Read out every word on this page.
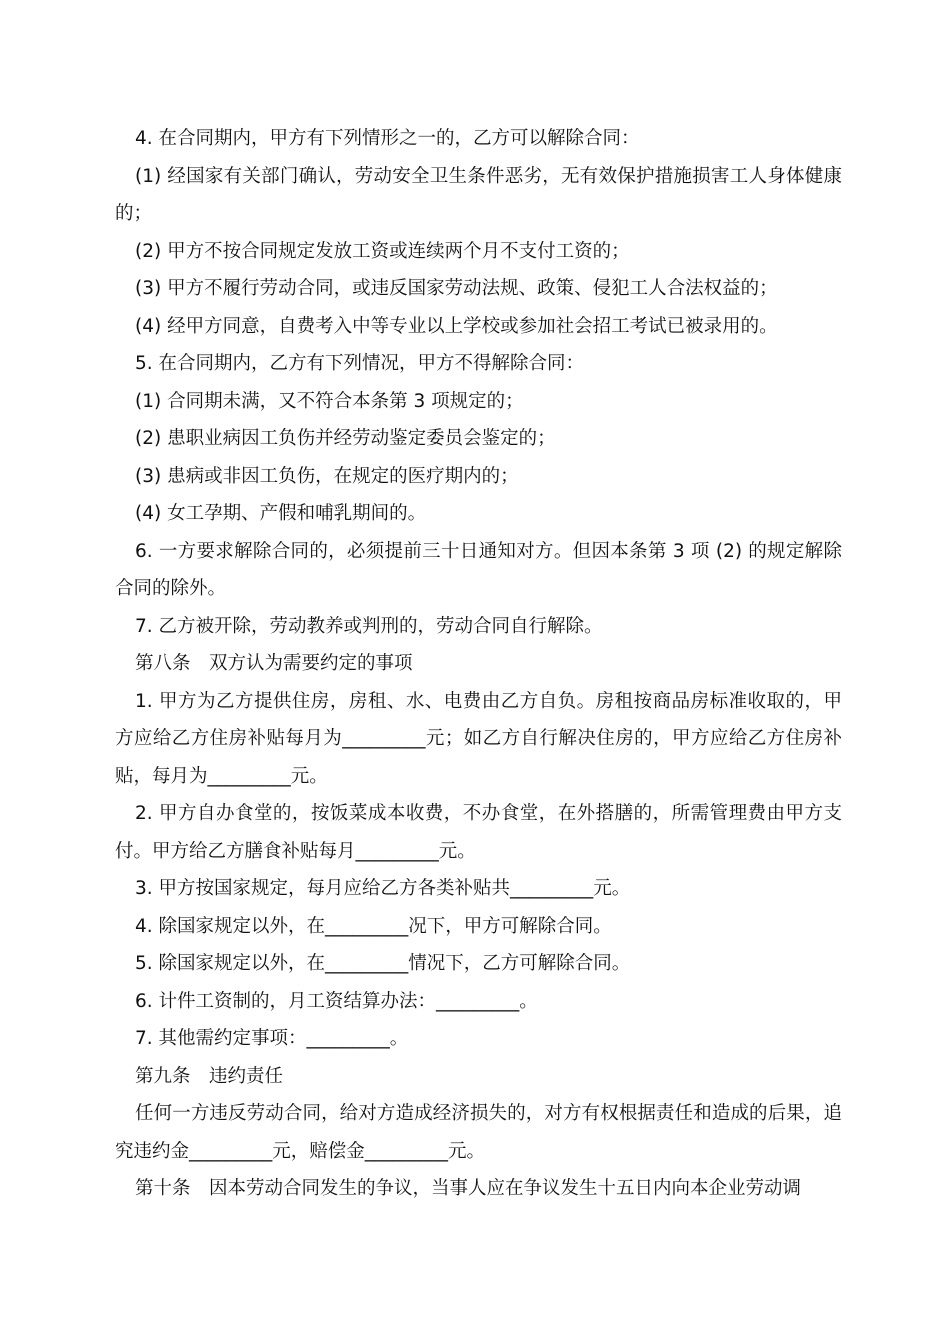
4. 在合同期内，甲方有下列情形之一的，乙方可以解除合同：

(1) 经国家有关部门确认，劳动安全卫生条件恶劣，无有效保护措施损害工人身体健康的；

(2) 甲方不按合同规定发放工资或连续两个月不支付工资的；

(3) 甲方不履行劳动合同，或违反国家劳动法规、政策、侵犯工人合法权益的；

(4) 经甲方同意，自费考入中等专业以上学校或参加社会招工考试已被录用的。

5. 在合同期内，乙方有下列情况，甲方不得解除合同：

(1) 合同期未满，又不符合本条第 3 项规定的；

(2) 患职业病因工负伤并经劳动鉴定委员会鉴定的；

(3) 患病或非因工负伤，在规定的医疗期内的；

(4) 女工孕期、产假和哺乳期间的。

6. 一方要求解除合同的，必须提前三十日通知对方。但因本条第 3 项 (2) 的规定解除合同的除外。

7. 乙方被开除，劳动教养或判刑的，劳动合同自行解除。

第八条　双方认为需要约定的事项

1. 甲方为乙方提供住房，房租、水、电费由乙方自负。房租按商品房标准收取的，甲方应给乙方住房补贴每月为_________元；如乙方自行解决住房的，甲方应给乙方住房补贴，每月为_________元。

2. 甲方自办食堂的，按饭菜成本收费，不办食堂，在外搭膳的，所需管理费由甲方支付。甲方给乙方膳食补贴每月_________元。

3. 甲方按国家规定，每月应给乙方各类补贴共_________元。

4. 除国家规定以外，在_________况下，甲方可解除合同。

5. 除国家规定以外，在_________情况下，乙方可解除合同。

6. 计件工资制的，月工资结算办法：_________。

7. 其他需约定事项：_________。

第九条　违约责任

任何一方违反劳动合同，给对方造成经济损失的，对方有权根据责任和造成的后果，追究违约金_________元，赔偿金_________元。

第十条　因本劳动合同发生的争议，当事人应在争议发生十五日内向本企业劳动调
